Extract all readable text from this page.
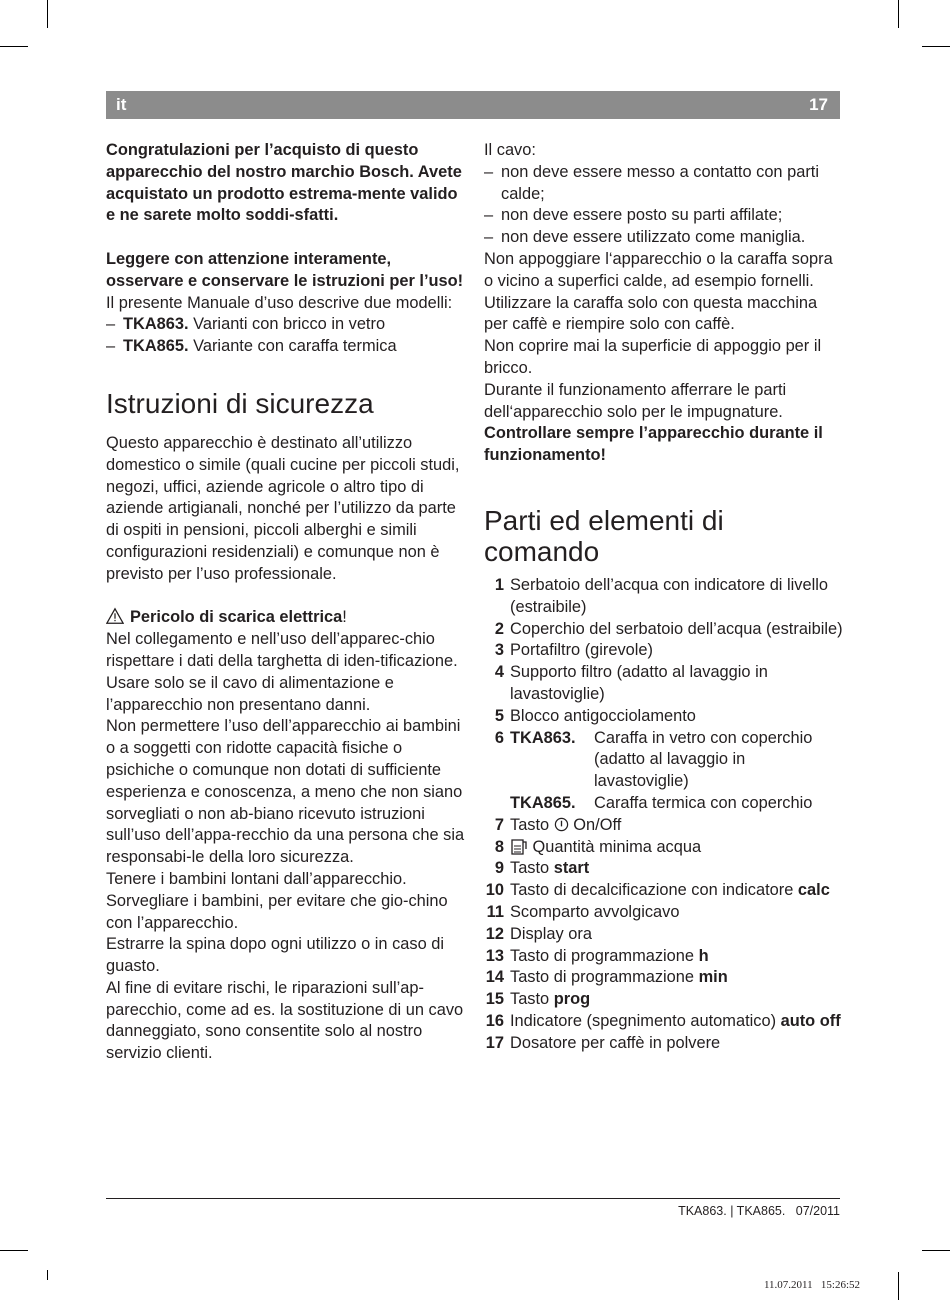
it	17

Congratulazioni per l’acquisto di questo apparecchio del nostro marchio Bosch. Avete acquistato un prodotto estrema-mente valido e ne sarete molto soddi-sfatti.

Leggere con attenzione interamente, osservare e conservare le istruzioni per l’uso!

Il presente Manuale d’uso descrive due modelli:

– TKA863. Varianti con bricco in vetro
– TKA865. Variante con caraffa termica
Istruzioni di sicurezza

Questo apparecchio è destinato all’utilizzo domestico o simile (quali cucine per piccoli studi, negozi, uffici, aziende agricole o altro tipo di aziende artigianali, nonché per l’utilizzo da parte di ospiti in pensioni, piccoli alberghi e simili configurazioni residenziali) e comunque non è previsto per l’uso professionale.

Pericolo di scarica elettrica!

Nel collegamento e nell’uso dell’apparec-chio rispettare i dati della targhetta di iden-tificazione.

Usare solo se il cavo di alimentazione e l’apparecchio non presentano danni.

Non permettere l’uso dell’apparecchio ai bambini o a soggetti con ridotte capacità fisiche o psichiche o comunque non dotati di sufficiente esperienza e conoscenza, a meno che non siano sorvegliati o non ab-biano ricevuto istruzioni sull’uso dell’appa-recchio da una persona che sia responsabi-le della loro sicurezza.

Tenere i bambini lontani dall’apparecchio. Sorvegliare i bambini, per evitare che gio-chino con l’apparecchio.

Estrarre la spina dopo ogni utilizzo o in caso di guasto.

Al fine di evitare rischi, le riparazioni sull’ap-parecchio, come ad es. la sostituzione di un cavo danneggiato, sono consentite solo al nostro servizio clienti.

Il cavo:

– non deve essere messo a contatto con parti calde;
– non deve essere posto su parti affilate;
– non deve essere utilizzato come maniglia.

Non appoggiare l‘apparecchio o la caraffa sopra o vicino a superfici calde, ad esempio fornelli. Utilizzare la caraffa solo con questa macchina per caffè e riempire solo con caffè.

Non coprire mai la superficie di appoggio per il bricco.

Durante il funzionamento afferrare le parti dell‘apparecchio solo per le impugnature.

Controllare sempre l’apparecchio durante il funzionamento!

Parti ed elementi di comando
1 Serbatoio dell’acqua con indicatore di livello (estraibile)
2 Coperchio del serbatoio dell’acqua (estraibile)
3 Portafiltro (girevole)
4 Supporto filtro (adatto al lavaggio in lavastoviglie)
5 Blocco antigocciolamento
6 TKA863.	Caraffa in vetro con coperchio (adatto al lavaggio in lavastoviglie)
TKA865.	Caraffa termica con coperchio
7 Tasto  On/Off
8	Quantità minima acqua
9 Tasto start
10 Tasto di decalcificazione con indicatore calc
11 Scomparto avvolgicavo
12 Display ora
13 Tasto di programmazione h
14 Tasto di programmazione min
15 Tasto prog
16 Indicatore (spegnimento automatico) auto off
17 Dosatore per caffè in polvere
TKA863. | TKA865.   07/2011
11.07.2011   15:26:52
